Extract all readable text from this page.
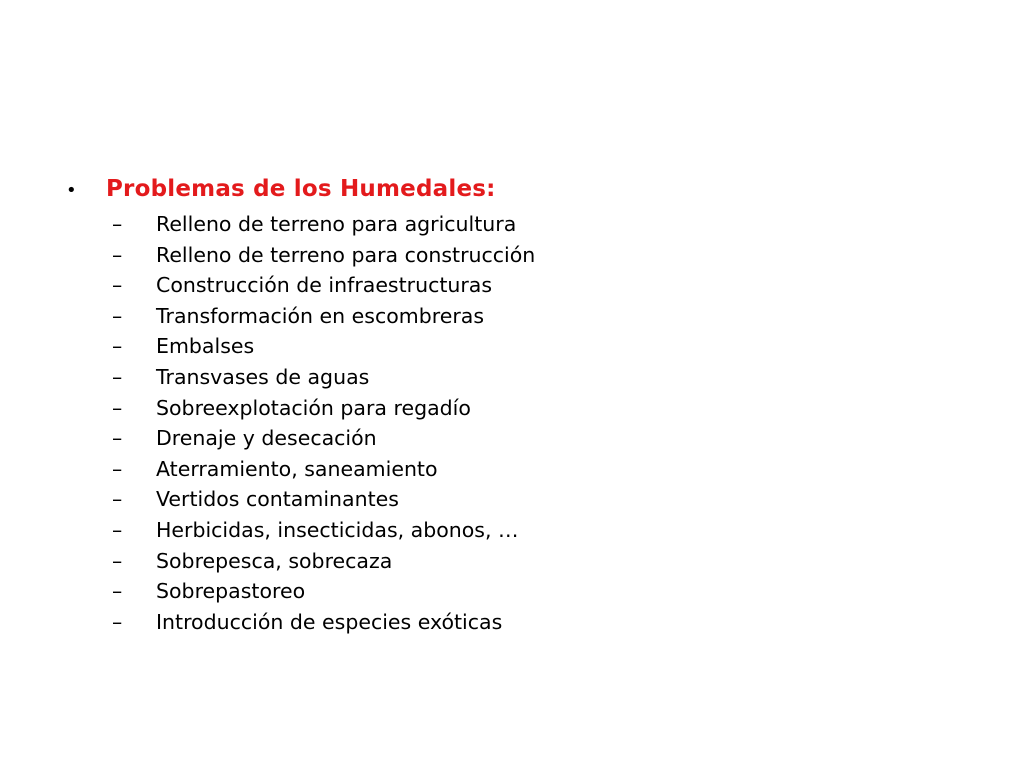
•	Problemas de los Humedales:
–	Relleno de terreno para agricultura
–	Relleno de terreno para construcción
–	Construcción de infraestructuras
–	Transformación en escombreras
–	Embalses
–	Transvases de aguas
–	Sobreexplotación para regadío
–	Drenaje y desecación
–	Aterramiento, saneamiento
–	Vertidos contaminantes
–	Herbicidas, insecticidas, abonos, …
–	Sobrepesca, sobrecaza
–	Sobrepastoreo
–	Introducción de especies exóticas
